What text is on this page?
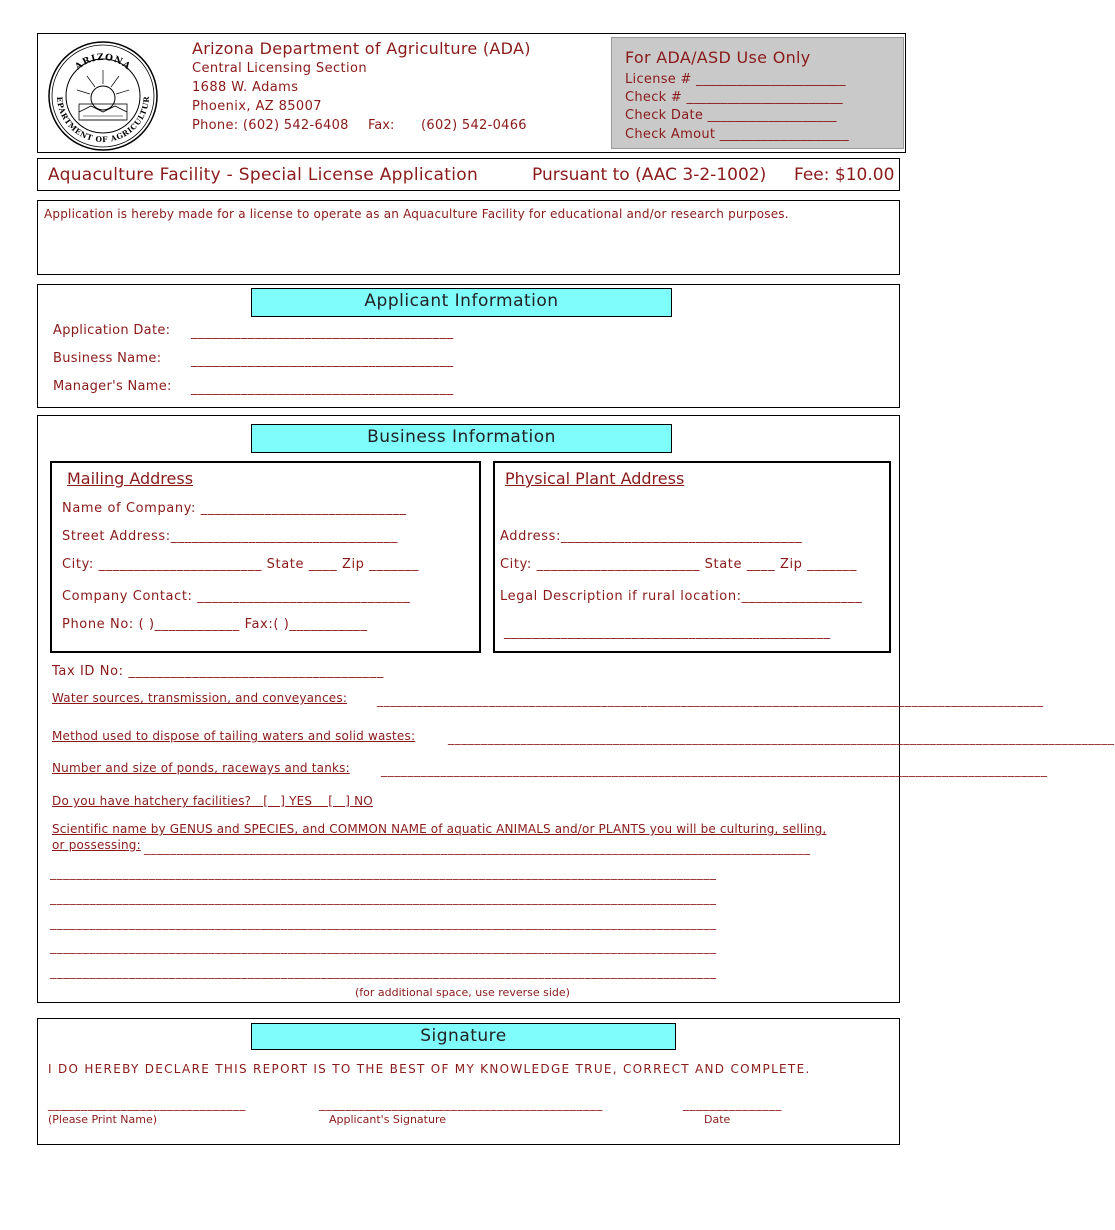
ARIZONA
EPARTMENT OF AGRICULTUR
Arizona Department of Agriculture (ADA)
Central Licensing Section
1688 W. Adams
Phoenix, AZ 85007
Phone: (602) 542-6408 Fax: (602) 542-0466
For ADA/ASD Use Only
License # ______________________
Check # _______________________
Check Date ___________________
Check Amout ___________________
Aquaculture Facility - Special License Application	Pursuant to (AAC 3-2-1002) Fee: $10.00
Application is hereby made for a license to operate as an Aquaculture Facility for educational and/or research purposes.
Applicant Information
Application Date: _____________________________________
Business Name: _____________________________________
Manager's Name: _____________________________________
Business Information
Mailing Address
Name of Company: _____________________________
Street Address:________________________________
City: _______________________ State ____ Zip _______
Company Contact: ______________________________
Phone No: ( )____________ Fax:( )___________
Physical Plant Address
Address:__________________________________
City: _______________________ State ____ Zip _______
Legal Description if rural location:_________________
______________________________________________
Tax ID No: ____________________________________
Water sources, transmission, and conveyances: _____________________________________________________________________________________________________
Method used to dispose of tailing waters and solid wastes:	_____________________________________________________________________________________________________
Number and size of ponds, raceways and tanks:	_____________________________________________________________________________________________________
Do you have hatchery facilities?   [   ] YES    [   ] NO
Scientific name by GENUS and SPECIES, and COMMON NAME of aquatic ANIMALS and/or PLANTS you will be culturing, selling,
or possessing: _____________________________________________________________________________________________________
_____________________________________________________________________________________________________
_____________________________________________________________________________________________________
_____________________________________________________________________________________________________
_____________________________________________________________________________________________________
_____________________________________________________________________________________________________
(for additional space, use reverse side)
Signature
I DO HEREBY DECLARE THIS REPORT IS TO THE BEST OF MY KNOWLEDGE TRUE, CORRECT AND COMPLETE.
______________________________	___________________________________________	_______________
(Please Print Name)	Applicant's Signature	Date
